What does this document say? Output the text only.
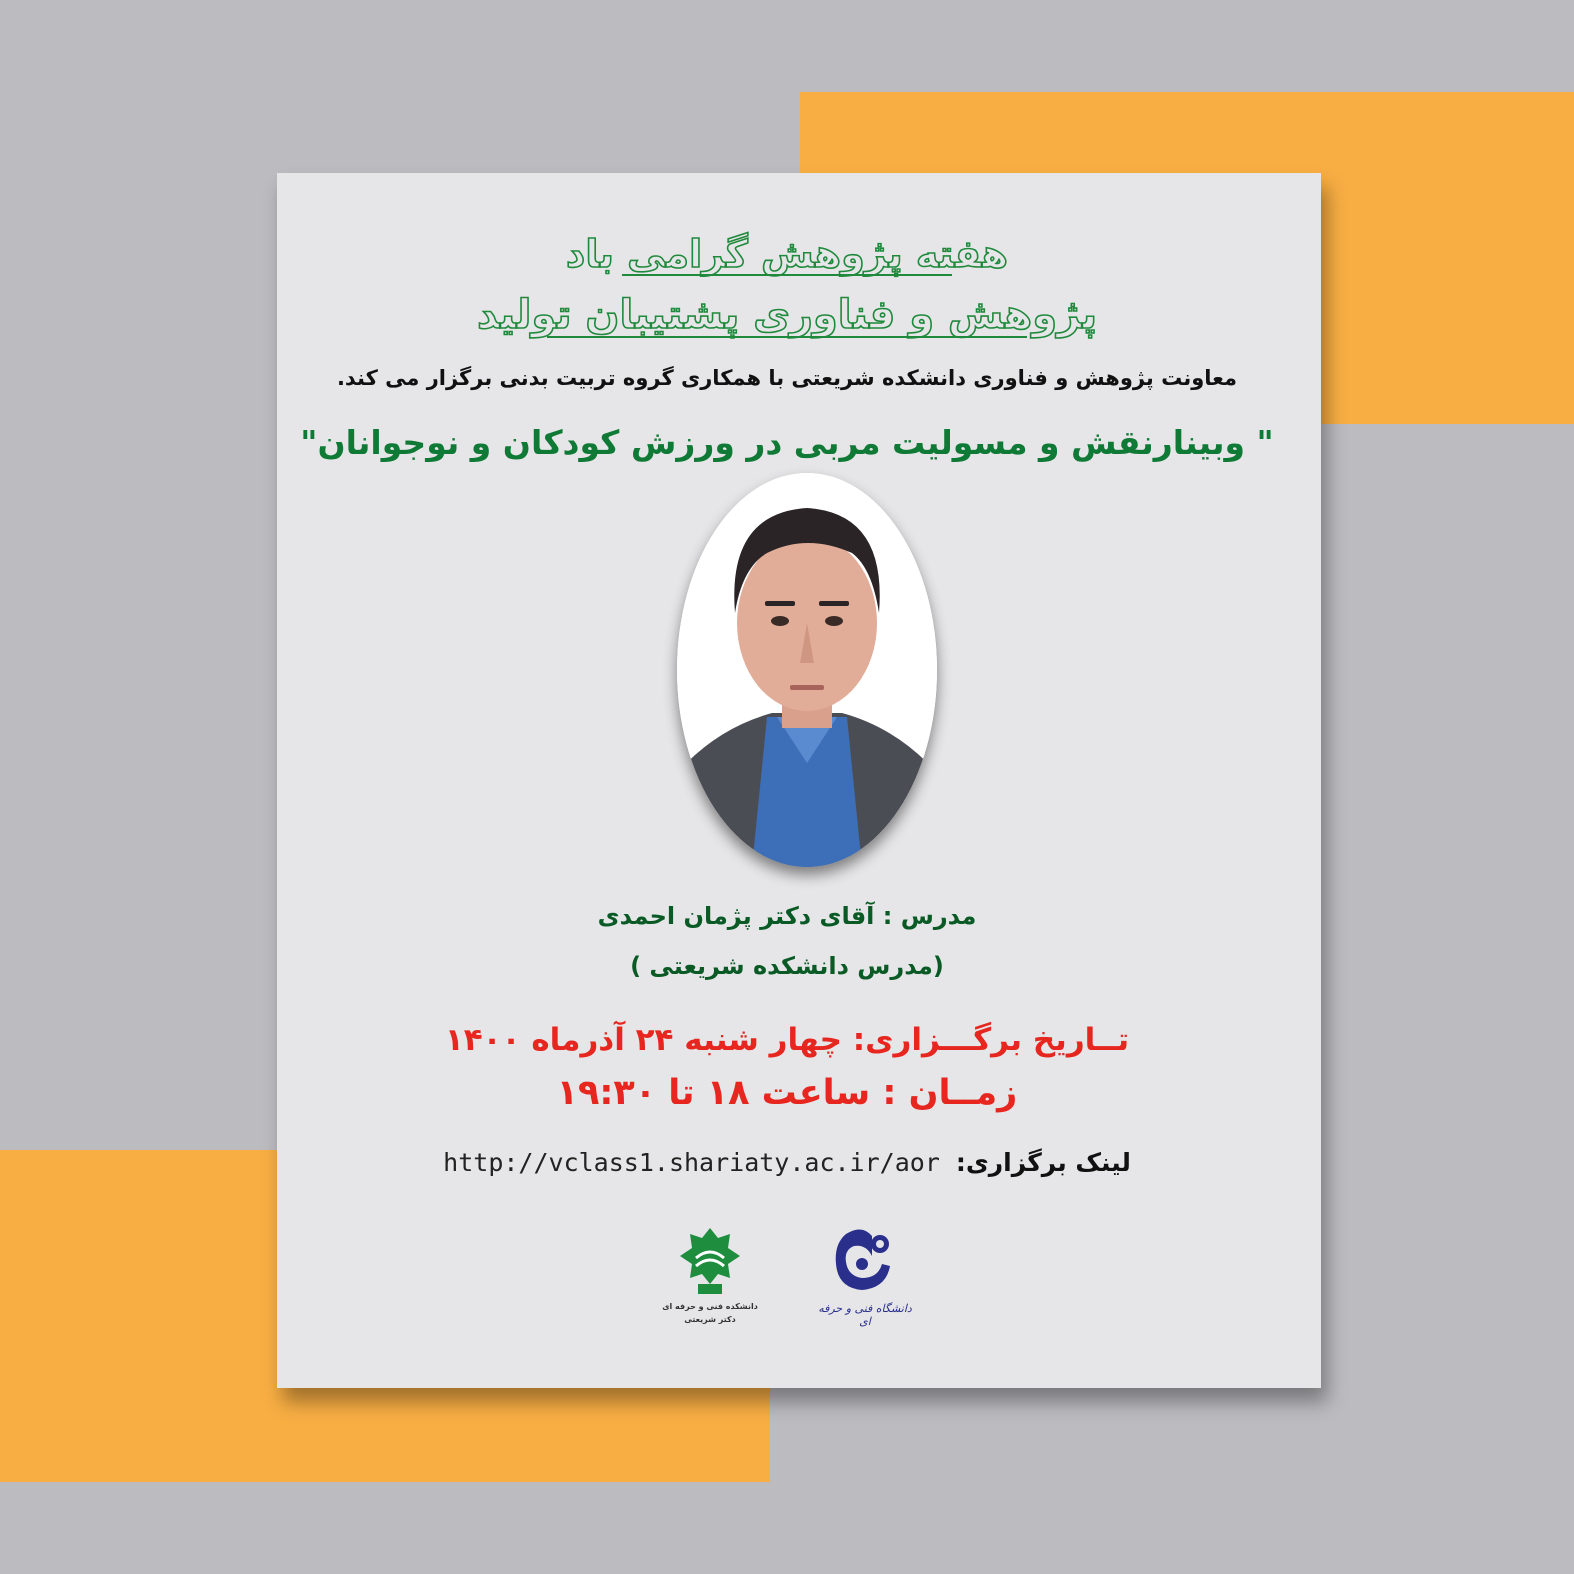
هفته پژوهش گرامی باد
پژوهش و فناوری پشتیبان تولید
معاونت پژوهش و فناوری دانشکده شریعتی با همکاری گروه تربیت بدنی برگزار می کند.
" وبینارنقش و مسولیت مربی در ورزش کودکان و نوجوانان"
مدرس : آقای دکتر پژمان احمدی
(مدرس دانشکده شریعتی )
تــاریخ برگـــزاری: چهار شنبه ۲۴ آذرماه ۱۴۰۰
زمــان : ساعت ۱۸ تا ۱۹:۳۰
لینک برگزاری: http://vclass1.shariaty.ac.ir/aor
دانشکده فنی و حرفه ای
دکتر شریعتی
دانشگاه فنی و حرفه ای
